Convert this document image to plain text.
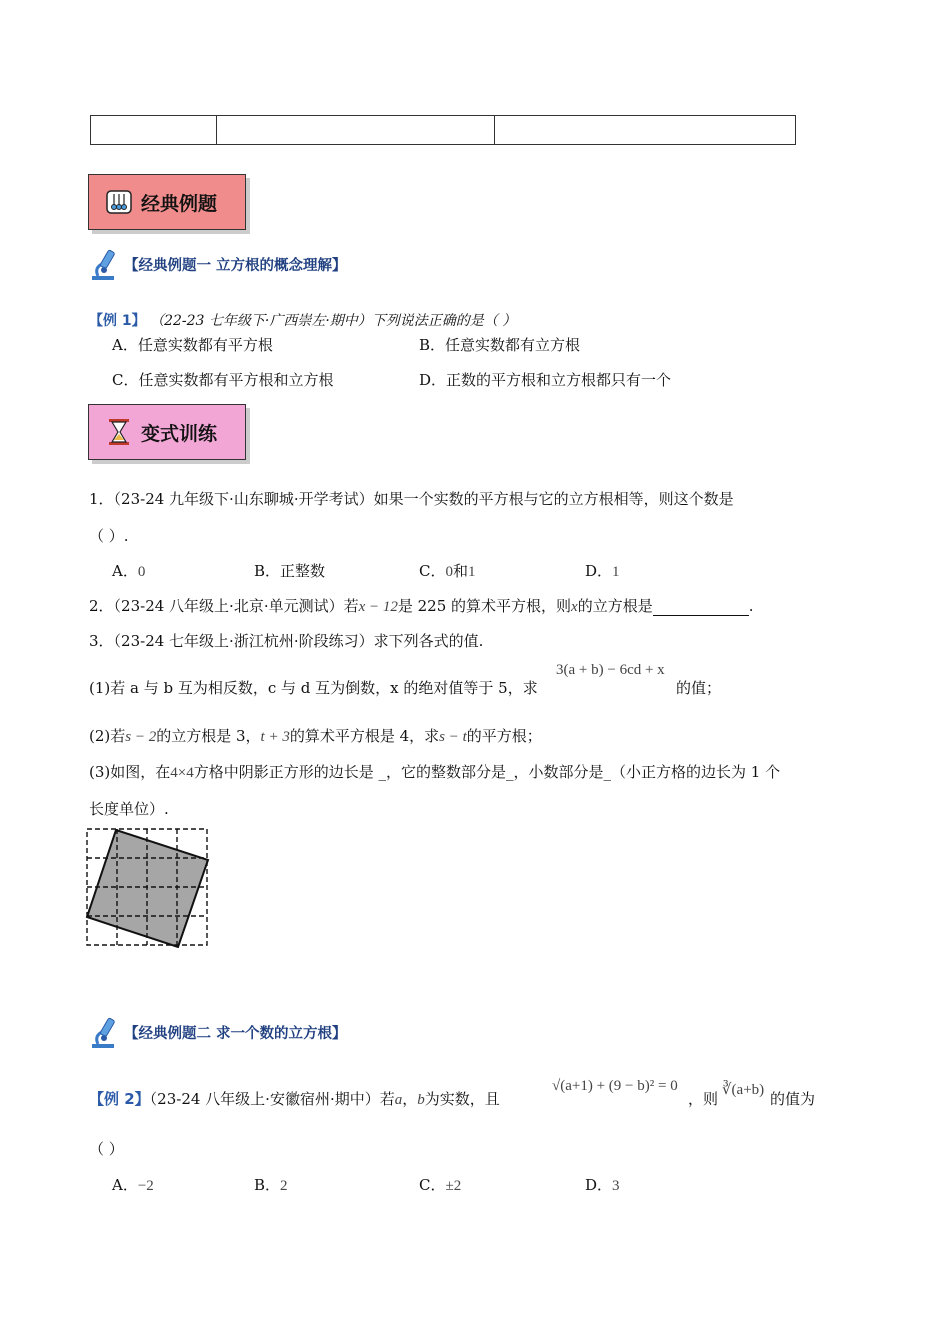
经典例题
【经典例题一 立方根的概念理解】
【例 1】 （22-23 七年级下·广西崇左·期中）下列说法正确的是（ ）
A．任意实数都有平方根	B．任意实数都有立方根
C．任意实数都有平方根和立方根	D．正数的平方根和立方根都只有一个
变式训练
1．（23-24 九年级下·山东聊城·开学考试）如果一个实数的平方根与它的立方根相等，则这个数是
（ ）.
A．0	B．正整数	C．0和1	D．1
2．（23-24 八年级上·北京·单元测试）若x − 12是 225 的算术平方根，则x的立方根是	.
3．（23-24 七年级上·浙江杭州·阶段练习）求下列各式的值.
(1)若 a 与 b 互为相反数，c 与 d 互为倒数，x 的绝对值等于 5，求
3(a + b) − 6cd + x
的值；
(2)若s − 2的立方根是 3，t + 3的算术平方根是 4，求s − t的平方根；
(3)如图，在4×4方格中阴影正方形的边长是 _，它的整数部分是_，小数部分是_（小正方格的边长为 1 个
长度单位）.
【经典例题二 求一个数的立方根】
【例 2】（23-24 八年级上·安徽宿州·期中）若a，b为实数，且
√(a+1) + (9 − b)² = 0
，则 ∛(a+b) 的值为
（ ）
A．−2	B．2	C．±2	D．3
